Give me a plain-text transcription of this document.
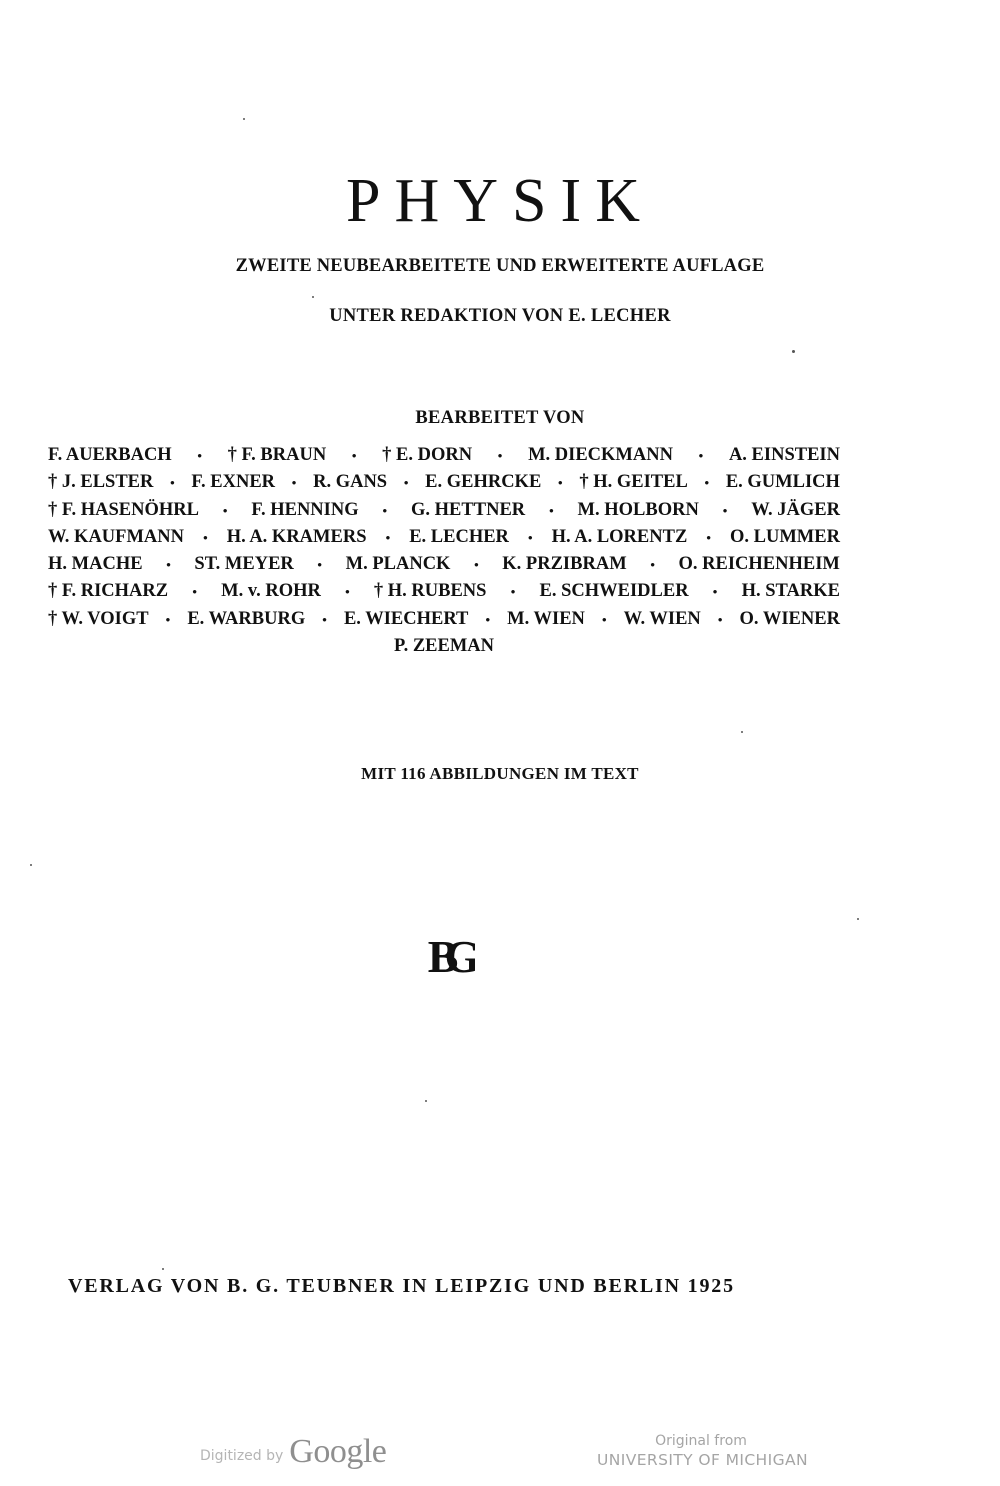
PHYSIK
ZWEITE NEUBEARBEITETE UND ERWEITERTE AUFLAGE
UNTER REDAKTION VON E. LECHER
BEARBEITET VON
F. AUERBACH • † F. BRAUN • † E. DORN • M. DIECKMANN • A. EINSTEIN
† J. ELSTER • F. EXNER • R. GANS • E. GEHRCKE • † H. GEITEL • E. GUMLICH
† F. HASENÖHRL • F. HENNING • G. HETTNER • M. HOLBORN • W. JÄGER
W. KAUFMANN • H. A. KRAMERS • E. LECHER • H. A. LORENTZ • O. LUMMER
H. MACHE • ST. MEYER • M. PLANCK • K. PRZIBRAM • O. REICHENHEIM
† F. RICHARZ • M. v. ROHR • † H. RUBENS • E. SCHWEIDLER • H. STARKE
† W. VOIGT • E. WARBURG • E. WIECHERT • M. WIEN • W. WIEN • O. WIENER
P. ZEEMAN
MIT 116 ABBILDUNGEN IM TEXT
BG
VERLAG VON B. G. TEUBNER IN LEIPZIG UND BERLIN 1925
Digitized by Google	Original from
UNIVERSITY OF MICHIGAN
